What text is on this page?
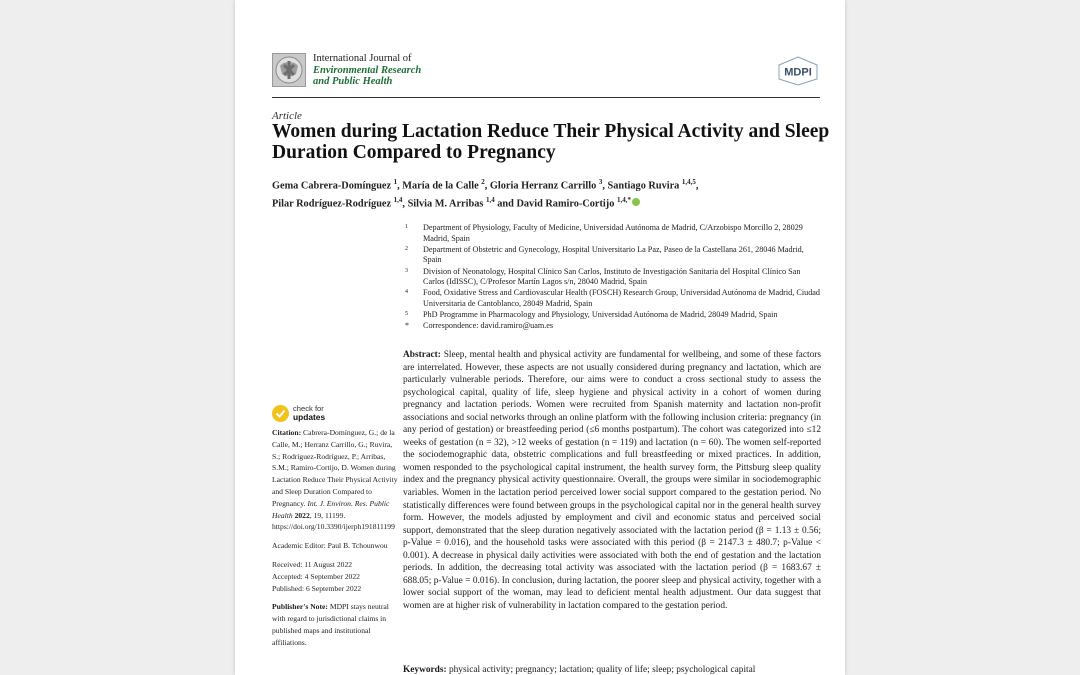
International Journal of
Environmental Research
and Public Health
MDPI
Article
Women during Lactation Reduce Their Physical Activity and Sleep Duration Compared to Pregnancy
Gema Cabrera-Domínguez $^1$, María de la Calle $^2$, Gloria Herranz Carrillo $^3$, Santiago Ruvira $^{1,4,5}$,
Pilar Rodríguez-Rodríguez $^{1,4}$, Silvia M. Arribas $^{1,4}$ and David Ramiro-Cortijo $^{1,4,*}$
1 Department of Physiology, Faculty of Medicine, Universidad Autónoma de Madrid, C/Arzobispo Morcillo 2, 28029 Madrid, Spain
2 Department of Obstetric and Gynecology, Hospital Universitario La Paz, Paseo de la Castellana 261, 28046 Madrid, Spain
3 Division of Neonatology, Hospital Clínico San Carlos, Instituto de Investigación Sanitaria del Hospital Clínico San Carlos (IdISSC), C/Profesor Martín Lagos s/n, 28040 Madrid, Spain
4 Food, Oxidative Stress and Cardiovascular Health (FOSCH) Research Group, Universidad Autónoma de Madrid, Ciudad Universitaria de Cantoblanco, 28049 Madrid, Spain
5 PhD Programme in Pharmacology and Physiology, Universidad Autónoma de Madrid, 28049 Madrid, Spain
* Correspondence: david.ramiro@uam.es
check for
updates
Citation: Cabrera-Domínguez, G.; de la Calle, M.; Herranz Carrillo, G.; Ruvira, S.; Rodríguez-Rodríguez, P.; Arribas, S.M.; Ramiro-Cortijo, D. Women during Lactation Reduce Their Physical Activity and Sleep Duration Compared to Pregnancy. Int. J. Environ. Res. Public Health 2022, 19, 11199. https://doi.org/10.3390/ijerph191811199
Academic Editor: Paul B. Tchounwou
Received: 11 August 2022
Accepted: 4 September 2022
Published: 6 September 2022
Publisher's Note: MDPI stays neutral with regard to jurisdictional claims in published maps and institutional affiliations.
Abstract: Sleep, mental health and physical activity are fundamental for wellbeing, and some of these factors are interrelated. However, these aspects are not usually considered during pregnancy and lactation, which are particularly vulnerable periods. Therefore, our aims were to conduct a cross sectional study to assess the psychological capital, quality of life, sleep hygiene and physical activity in a cohort of women during pregnancy and lactation periods. Women were recruited from Spanish maternity and lactation non-profit associations and social networks through an online platform with the following inclusion criteria: pregnancy (in any period of gestation) or breastfeeding period (≤6 months postpartum). The cohort was categorized into ≤12 weeks of gestation (n = 32), >12 weeks of gestation (n = 119) and lactation (n = 60). The women self-reported the sociodemographic data, obstetric complications and full breastfeeding or mixed practices. In addition, women responded to the psychological capital instrument, the health survey form, the Pittsburg sleep quality index and the pregnancy physical activity questionnaire. Overall, the groups were similar in sociodemographic variables. Women in the lactation period perceived lower social support compared to the gestation period. No statistically differences were found between groups in the psychological capital nor in the general health survey form. However, the models adjusted by employment and civil and economic status and perceived social support, demonstrated that the sleep duration negatively associated with the lactation period (β = 1.13 ± 0.56; p-Value = 0.016), and the household tasks were associated with this period (β = 2147.3 ± 480.7; p-Value < 0.001). A decrease in physical daily activities were associated with both the end of gestation and the lactation periods. In addition, the decreasing total activity was associated with the lactation period (β = 1683.67 ± 688.05; p-Value = 0.016). In conclusion, during lactation, the poorer sleep and physical activity, together with a lower social support of the woman, may lead to deficient mental health adjustment. Our data suggest that women are at higher risk of vulnerability in lactation compared to the gestation period.
Keywords: physical activity; pregnancy; lactation; quality of life; sleep; psychological capital
